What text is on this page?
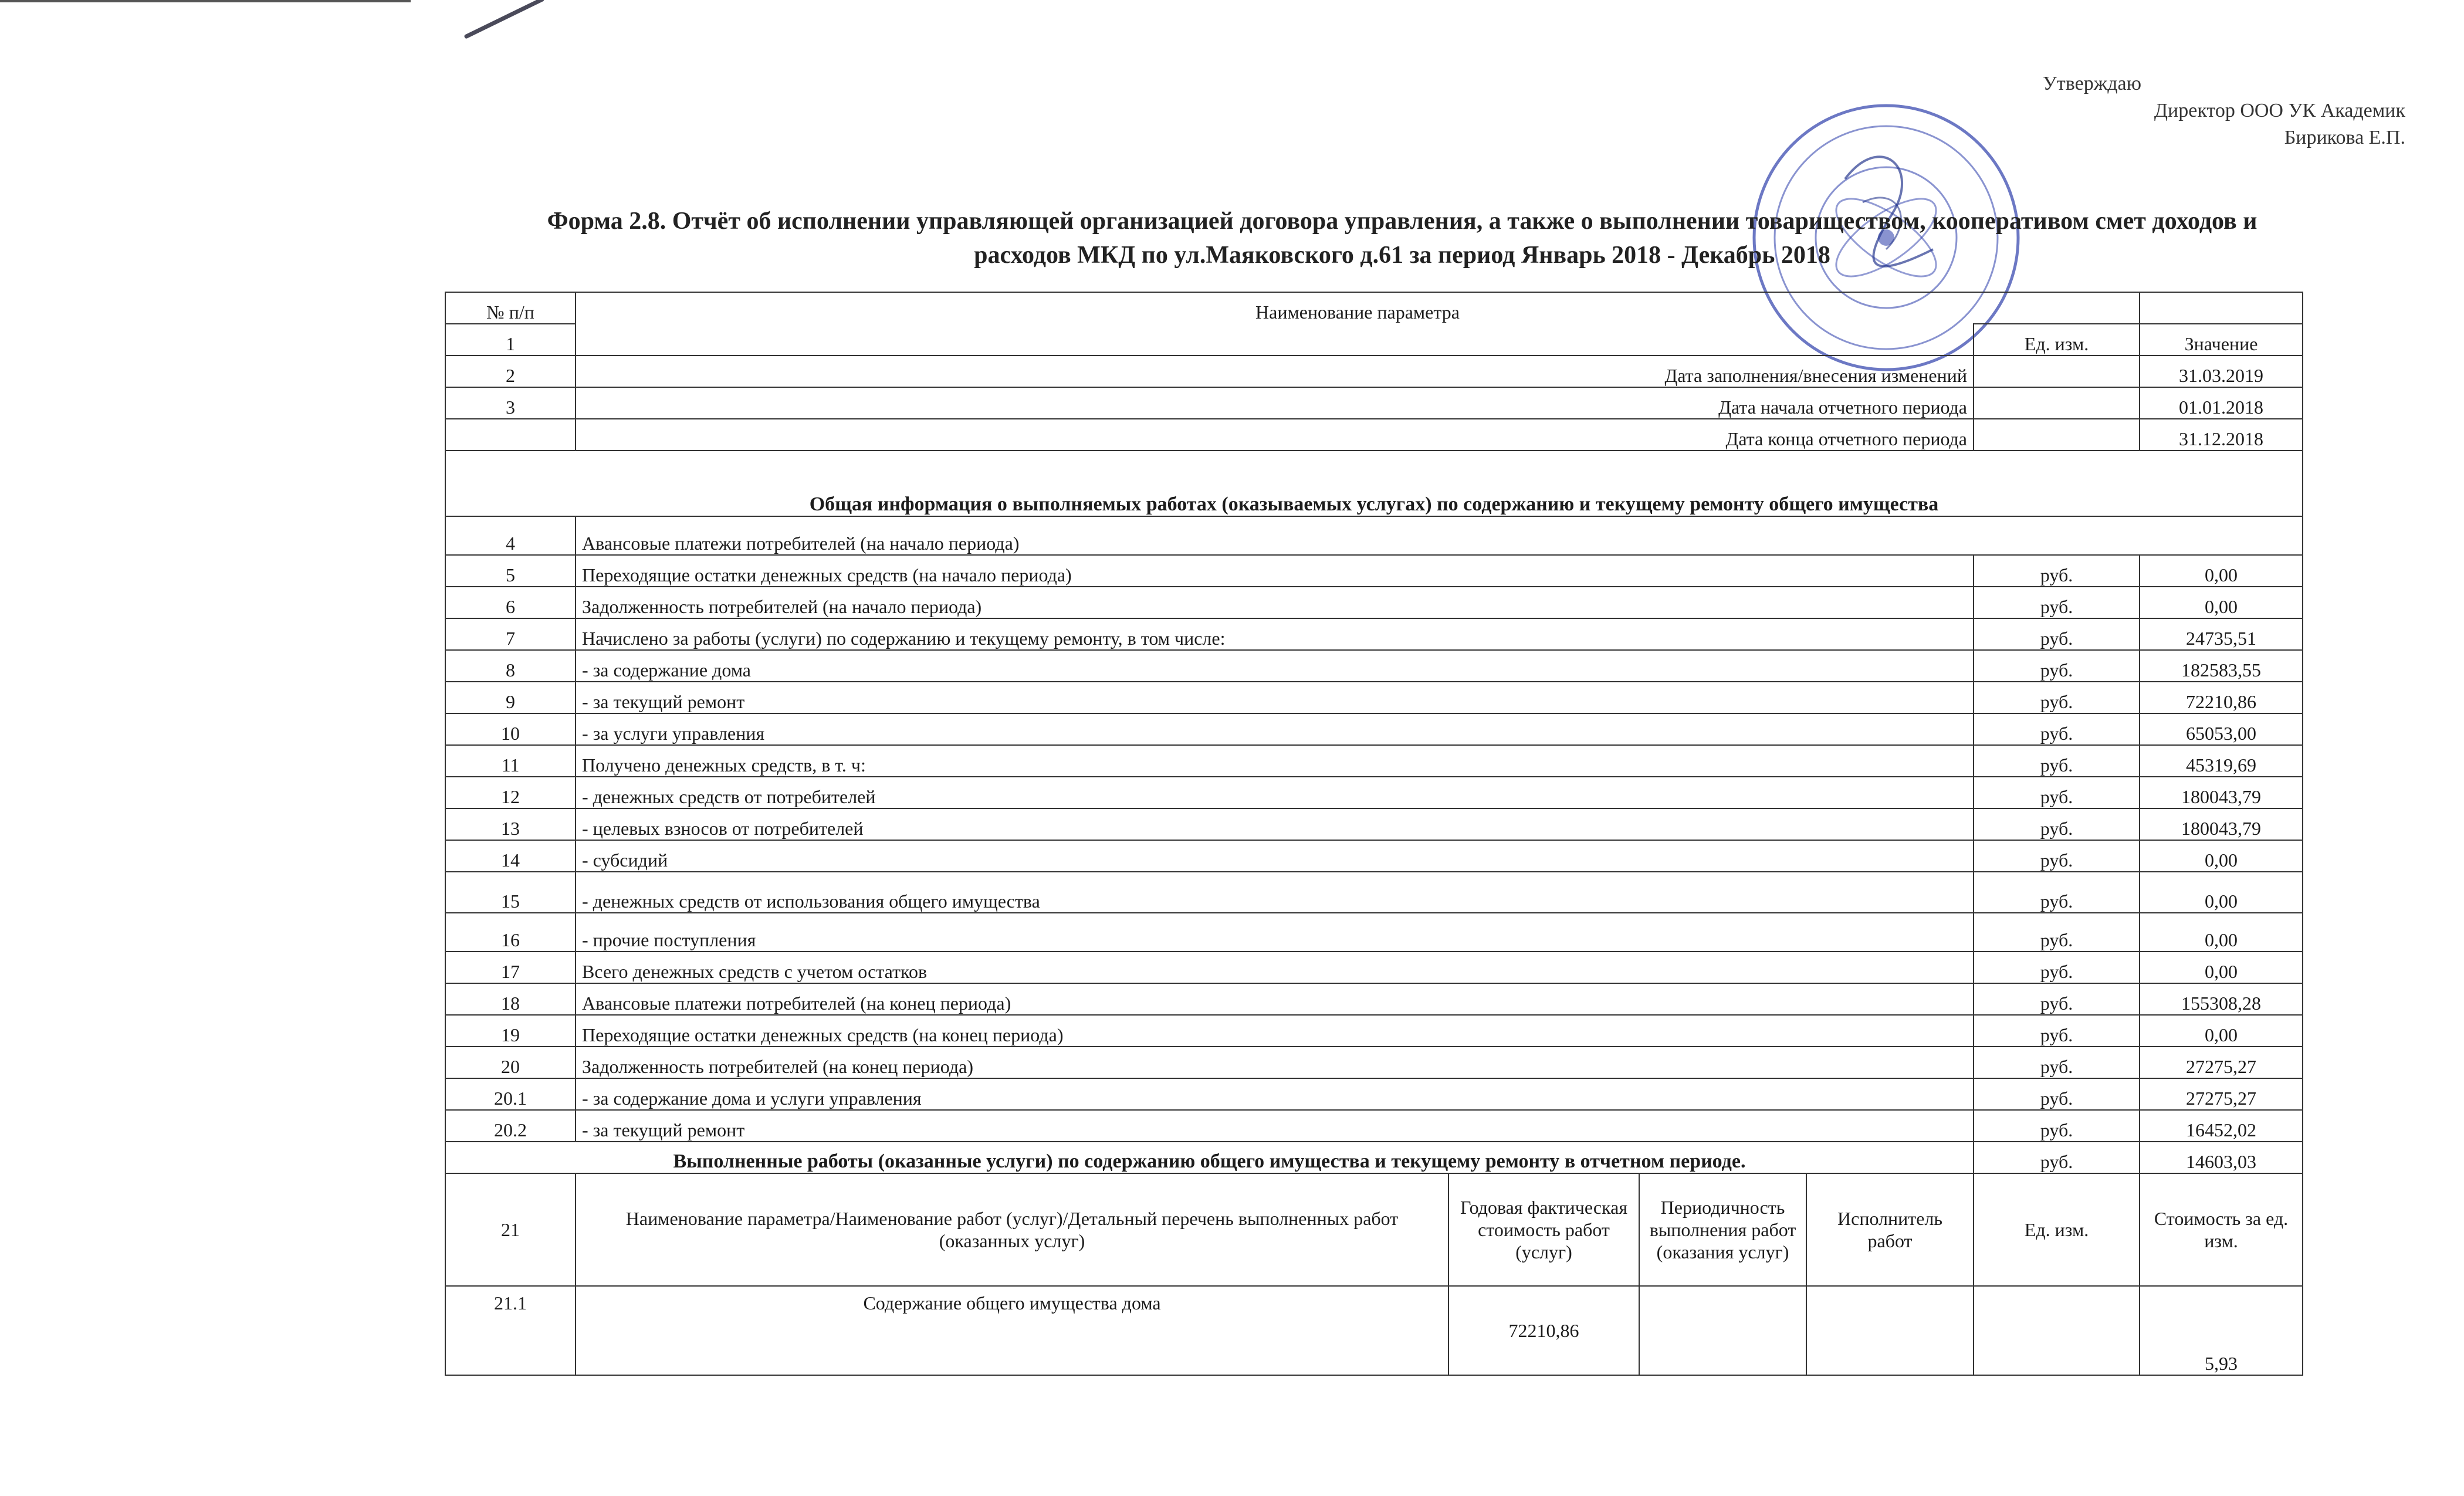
Утверждаю
Директор ООО УК Академик
Бирикова Е.П.
Форма 2.8. Отчёт об исполнении управляющей организацией договора управления, а также о выполнении товариществом, кооперативом смет доходов и расходов МКД по ул.Маяковского д.61 за период Январь 2018 - Декабрь 2018
№ п/п	Наименование параметра					
1					Ед. изм.	Значение
2	Дата заполнения/внесения изменений					31.03.2019
3	Дата начала отчетного периода					01.01.2018
	Дата конца отчетного периода					31.12.2018
Общая информация о выполняемых работах (оказываемых услугах) по содержанию и текущему ремонту общего имущества						
4	Авансовые платежи потребителей (на начало периода)					
5	Переходящие остатки денежных средств (на начало периода)				руб.	0,00
6	Задолженность потребителей (на начало периода)				руб.	0,00
7	Начислено за работы (услуги) по содержанию и текущему ремонту, в том числе:				руб.	24735,51
8	- за содержание дома				руб.	182583,55
9	- за текущий ремонт				руб.	72210,86
10	- за услуги управления				руб.	65053,00
11	Получено денежных средств, в т. ч:				руб.	45319,69
12	- денежных средств от потребителей				руб.	180043,79
13	- целевых взносов от потребителей				руб.	180043,79
14	- субсидий				руб.	0,00
15	- денежных средств от использования общего имущества				руб.	0,00
16	- прочие поступления				руб.	0,00
17	Всего денежных средств с учетом остатков				руб.	0,00
18	Авансовые платежи потребителей (на конец периода)				руб.	155308,28
19	Переходящие остатки денежных средств (на конец периода)				руб.	0,00
20	Задолженность потребителей (на конец периода)				руб.	27275,27
20.1	- за содержание дома и услуги управления				руб.	27275,27
20.2	- за текущий ремонт				руб.	16452,02
Выполненные работы (оказанные услуги) по содержанию общего имущества и текущему ремонту в отчетном периоде.					руб.	14603,03
21	Наименование параметра/Наименование работ (услуг)/Детальный перечень выполненных работ (оказанных услуг)	Годовая фактическая стоимость работ (услуг)	Периодичность выполнения работ (оказания услуг)	Исполнитель работ	Ед. изм.	Стоимость за ед. изм.
21.1	Содержание общего имущества дома	72210,86				5,93
